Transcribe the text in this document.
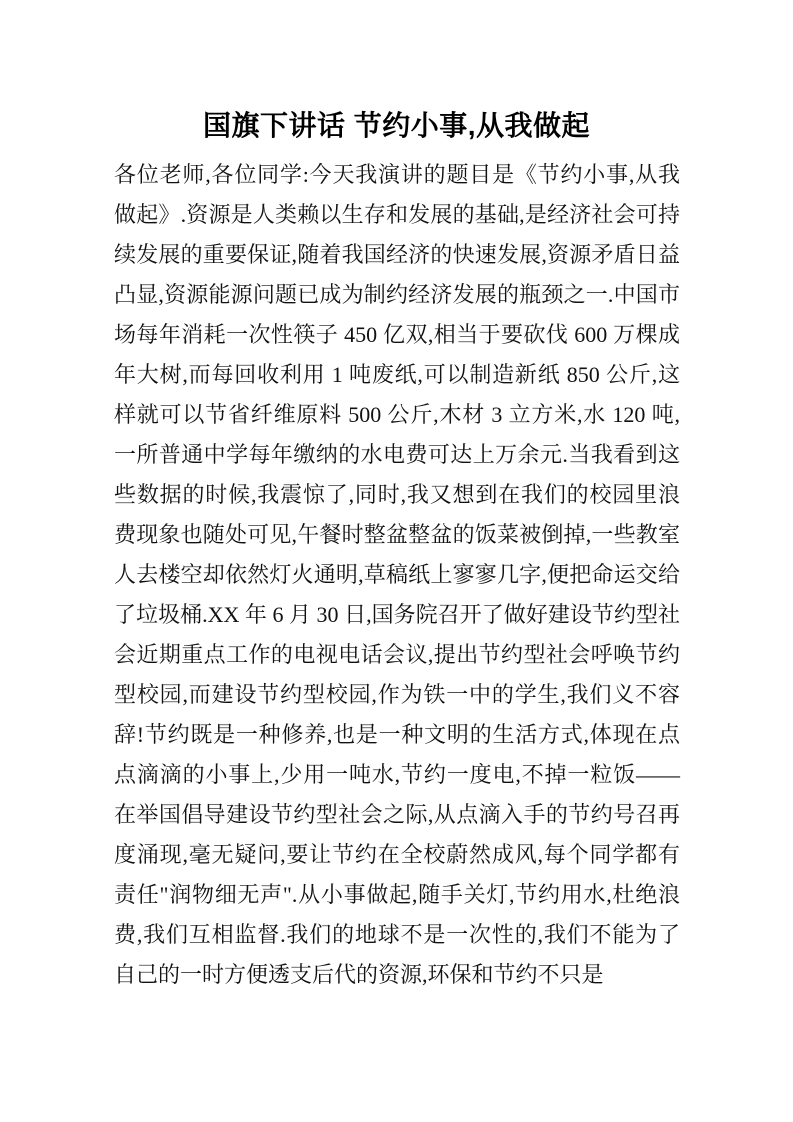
国旗下讲话 节约小事,从我做起

各位老师,各位同学:今天我演讲的题目是《节约小事,从我做起》.资源是人类赖以生存和发展的基础,是经济社会可持续发展的重要保证,随着我国经济的快速发展,资源矛盾日益凸显,资源能源问题已成为制约经济发展的瓶颈之一.中国市场每年消耗一次性筷子 450 亿双,相当于要砍伐 600 万棵成年大树,而每回收利用 1 吨废纸,可以制造新纸 850 公斤,这样就可以节省纤维原料 500 公斤,木材 3 立方米,水 120 吨,一所普通中学每年缴纳的水电费可达上万余元.当我看到这些数据的时候,我震惊了,同时,我又想到在我们的校园里浪费现象也随处可见,午餐时整盆整盆的饭菜被倒掉,一些教室人去楼空却依然灯火通明,草稿纸上寥寥几字,便把命运交给了垃圾桶.XX 年 6 月 30 日,国务院召开了做好建设节约型社会近期重点工作的电视电话会议,提出节约型社会呼唤节约型校园,而建设节约型校园,作为铁一中的学生,我们义不容辞!节约既是一种修养,也是一种文明的生活方式,体现在点点滴滴的小事上,少用一吨水,节约一度电,不掉一粒饭——在举国倡导建设节约型社会之际,从点滴入手的节约号召再度涌现,毫无疑问,要让节约在全校蔚然成风,每个同学都有责任"润物细无声".从小事做起,随手关灯,节约用水,杜绝浪费,我们互相监督.我们的地球不是一次性的,我们不能为了自己的一时方便透支后代的资源,环保和节约不只是
